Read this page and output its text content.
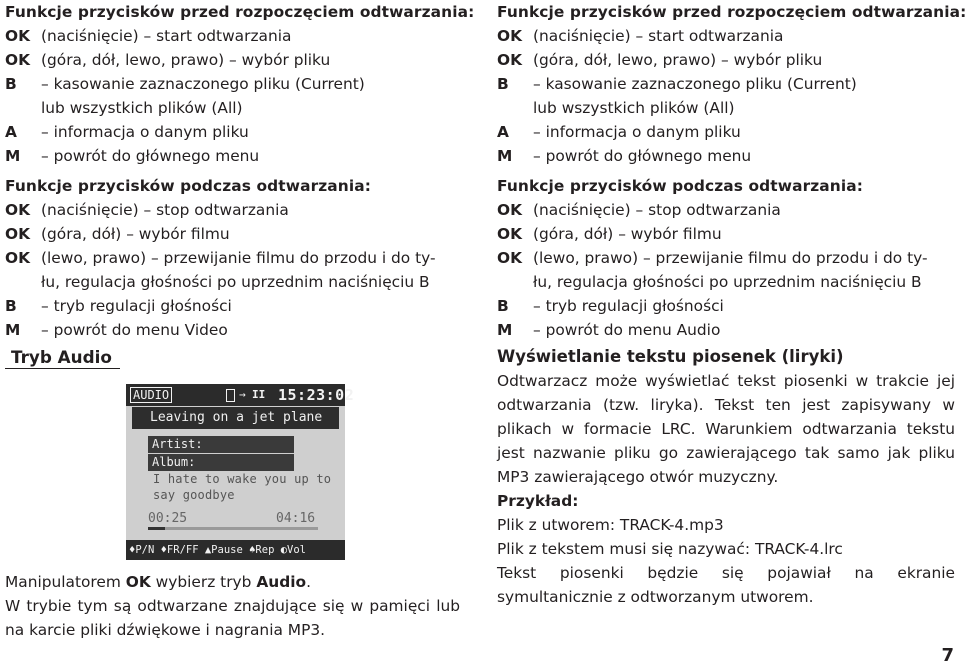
Funkcje przycisków przed rozpoczęciem odtwarzania:
OK (naciśnięcie) – start odtwarzania
OK (góra, dół, lewo, prawo) – wybór pliku
B	– kasowanie zaznaczonego pliku (Current)
lub wszystkich plików (All)
A	– informacja o danym pliku
M	– powrót do głównego menu
Funkcje przycisków podczas odtwarzania:
OK (naciśnięcie) – stop odtwarzania
OK (góra, dół) – wybór filmu
OK (lewo, prawo) – przewijanie filmu do przodu i do ty-
łu, regulacja głośności po uprzednim naciśnięciu B
B	– tryb regulacji głośności
M	– powrót do menu Video
Tryb Audio
Manipulatorem OK wybierz tryb Audio.
W trybie tym są odtwarzane znajdujące się w pamięci lub na karcie pliki dźwiękowe i nagrania MP3.
AUDIO	→ II 15:23:02
Leaving on a jet plane
Artist:
Album:
I hate to wake you up to
say goodbye
00:25	04:16
♦P/N ♦FR/FF ▲Pause ♠Rep ◐Vol
Funkcje przycisków przed rozpoczęciem odtwarzania:
OK (naciśnięcie) – start odtwarzania
OK (góra, dół, lewo, prawo) – wybór pliku
B	– kasowanie zaznaczonego pliku (Current)
lub wszystkich plików (All)
A	– informacja o danym pliku
M	– powrót do głównego menu
Funkcje przycisków podczas odtwarzania:
OK (naciśnięcie) – stop odtwarzania
OK (góra, dół) – wybór filmu
OK (lewo, prawo) – przewijanie filmu do przodu i do ty-
łu, regulacja głośności po uprzednim naciśnięciu B
B	– tryb regulacji głośności
M	– powrót do menu Audio
Wyświetlanie tekstu piosenek (liryki)
Odtwarzacz może wyświetlać tekst piosenki w trakcie jej odtwarzania (tzw. liryka). Tekst ten jest zapisywany w plikach w formacie LRC. Warunkiem odtwarzania tekstu jest nazwanie pliku go zawierającego tak samo jak pliku MP3 zawierającego otwór muzyczny.
Przykład:
Plik z utworem: TRACK-4.mp3
Plik z tekstem musi się nazywać: TRACK-4.lrc
Tekst piosenki będzie się pojawiał na ekranie symultanicznie z odtworzanym utworem.
7
